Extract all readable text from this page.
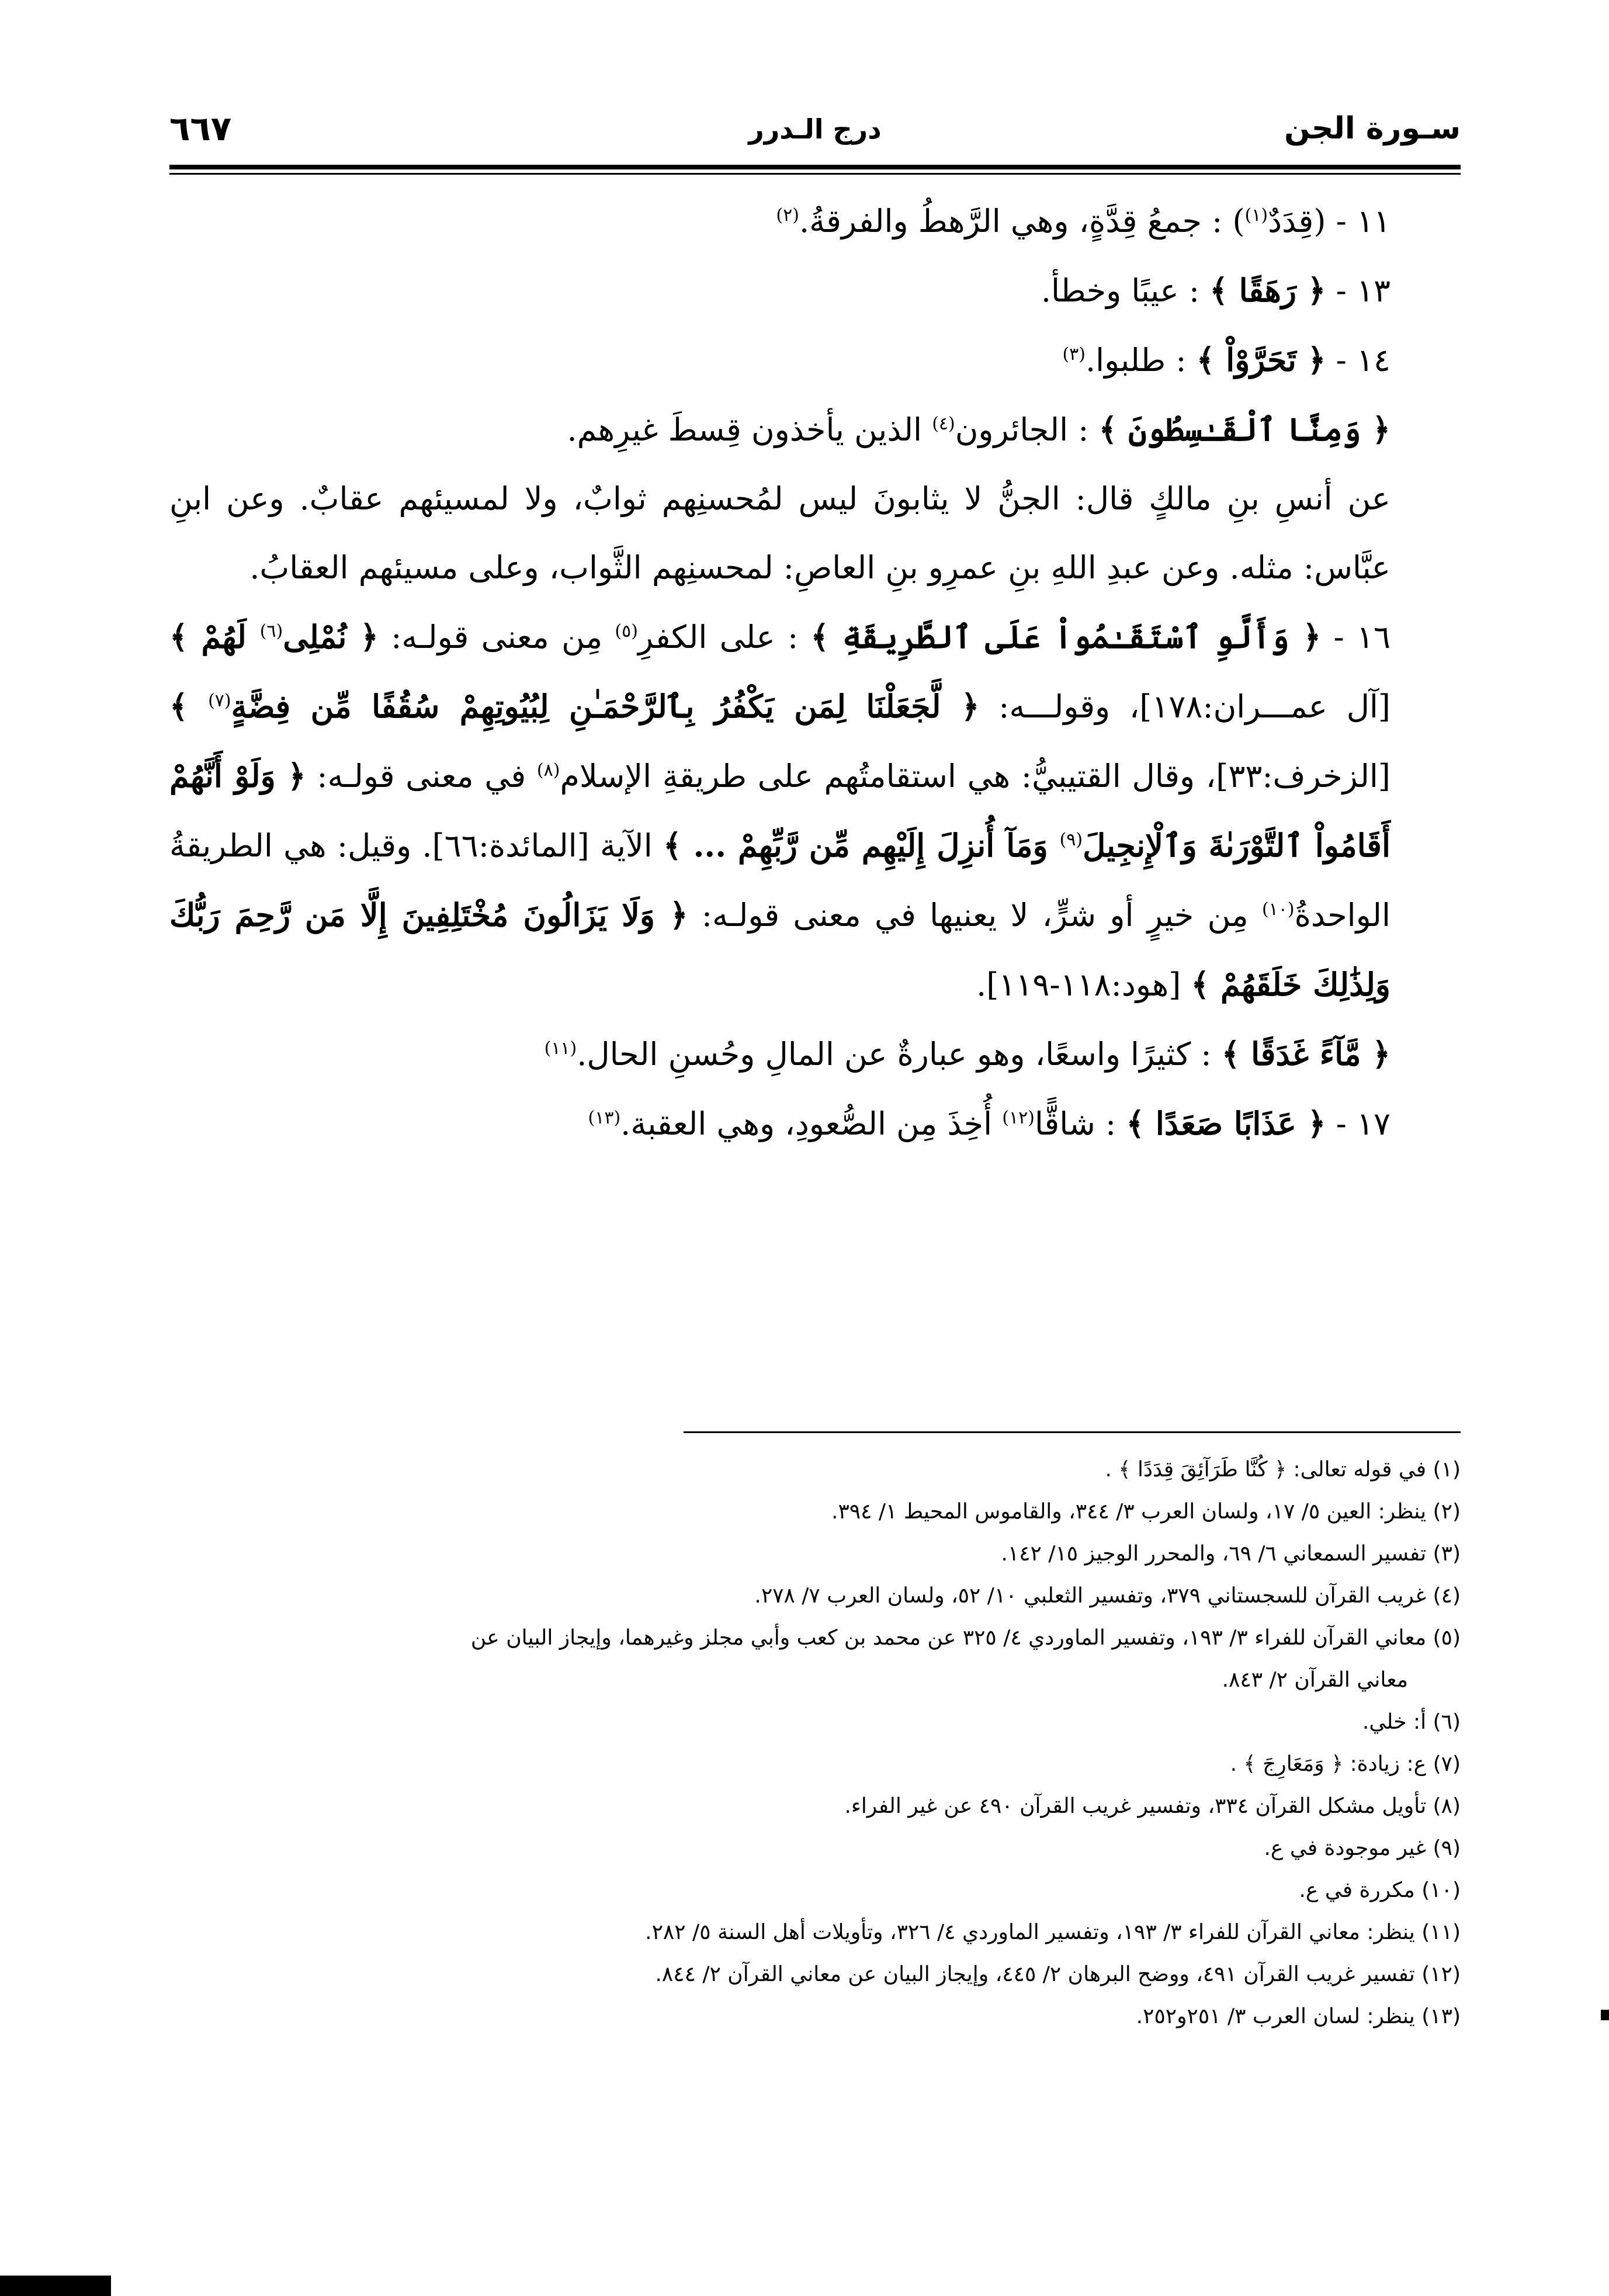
سـورة الجن
درج الـدرر
٦٦٧

١١ - (قِدَدٌ$^{(١)}$) : جمعُ قِدَّةٍ، وهي الرَّهطُ والفرقةُ.$^{(٢)}$

١٣ - ﴿ رَهَقًا ﴾ : عيبًا وخطأ.

١٤ - ﴿ تَحَرَّوْاْ ﴾ : طلبوا.$^{(٣)}$

﴿ وَمِنَّا ٱلْقَـٰسِطُونَ ﴾ : الجائرون$^{(٤)}$ الذين يأخذون قِسطَ غيرِهم.

عن أنسِ بنِ مالكٍ قال: الجنُّ لا يثابونَ ليس لمُحسنِهم ثوابٌ، ولا لمسيئهم عقابٌ. وعن ابنِ عبَّاس: مثله. وعن عبدِ اللهِ بنِ عمرِو بنِ العاصِ: لمحسنِهم الثَّواب، وعلى مسيئهم العقابُ.

١٦ - ﴿ وَأَلَّوِ ٱسْتَقَـٰمُواْ عَلَى ٱلطَّرِيقَةِ ﴾ : على الكفرِ$^{(٥)}$ مِن معنى قولـه: ﴿ نُمْلِى$^{(٦)}$ لَهُمْ ﴾ [آل عمـــران:١٧٨]، وقولـــه: ﴿ لَّجَعَلْنَا لِمَن يَكْفُرُ بِٱلرَّحْمَـٰنِ لِبُيُوتِهِمْ سُقُفًا مِّن فِضَّةٍ$^{(٧)}$ ﴾ [الزخرف:٣٣]، وقال القتيبيُّ: هي استقامتُهم على طريقةِ الإسلام$^{(٨)}$ في معنى قولـه: ﴿ وَلَوْ أَنَّهُمْ أَقَامُواْ ٱلتَّوْرَىٰةَ وَٱلْإِنجِيلَ$^{(٩)}$ وَمَآ أُنزِلَ إِلَيْهِم مِّن رَّبِّهِمْ ... ﴾ الآية [المائدة:٦٦]. وقيل: هي الطريقةُ الواحدةُ$^{(١٠)}$ مِن خيرٍ أو شرٍّ، لا يعنيها في معنى قولـه: ﴿ وَلَا يَزَالُونَ مُخْتَلِفِينَ إِلَّا مَن رَّحِمَ رَبُّكَ وَلِذَٰلِكَ خَلَقَهُمْ ﴾ [هود:١١٨-١١٩].

﴿ مَّآءً غَدَقًا ﴾ : كثيرًا واسعًا، وهو عبارةٌ عن المالِ وحُسنِ الحال.$^{(١١)}$

١٧ - ﴿ عَذَابًا صَعَدًا ﴾ : شاقًّا$^{(١٢)}$ أُخِذَ مِن الصُّعودِ، وهي العقبة.$^{(١٣)}$

(١) في قوله تعالى: ﴿ كُنَّا طَرَآئِقَ قِدَدًا ﴾ .
(٢) ينظر: العين ٥/ ١٧، ولسان العرب ٣/ ٣٤٤، والقاموس المحيط ١/ ٣٩٤.
(٣) تفسير السمعاني ٦/ ٦٩، والمحرر الوجيز ١٥/ ١٤٢.
(٤) غريب القرآن للسجستاني ٣٧٩، وتفسير الثعلبي ١٠/ ٥٢، ولسان العرب ٧/ ٢٧٨.
(٥) معاني القرآن للفراء ٣/ ١٩٣، وتفسير الماوردي ٤/ ٣٢٥ عن محمد بن كعب وأبي مجلز وغيرهما، وإيجاز البيان عن
معاني القرآن ٢/ ٨٤٣.
(٦) أ: خلي.
(٧) ع: زيادة: ﴿ وَمَعَارِجَ ﴾ .
(٨) تأويل مشكل القرآن ٣٣٤، وتفسير غريب القرآن ٤٩٠ عن غير الفراء.
(٩) غير موجودة في ع.
(١٠) مكررة في ع.
(١١) ينظر: معاني القرآن للفراء ٣/ ١٩٣، وتفسير الماوردي ٤/ ٣٢٦، وتأويلات أهل السنة ٥/ ٢٨٢.
(١٢) تفسير غريب القرآن ٤٩١، ووضح البرهان ٢/ ٤٤٥، وإيجاز البيان عن معاني القرآن ٢/ ٨٤٤.
(١٣) ينظر: لسان العرب ٣/ ٢٥١و٢٥٢.
